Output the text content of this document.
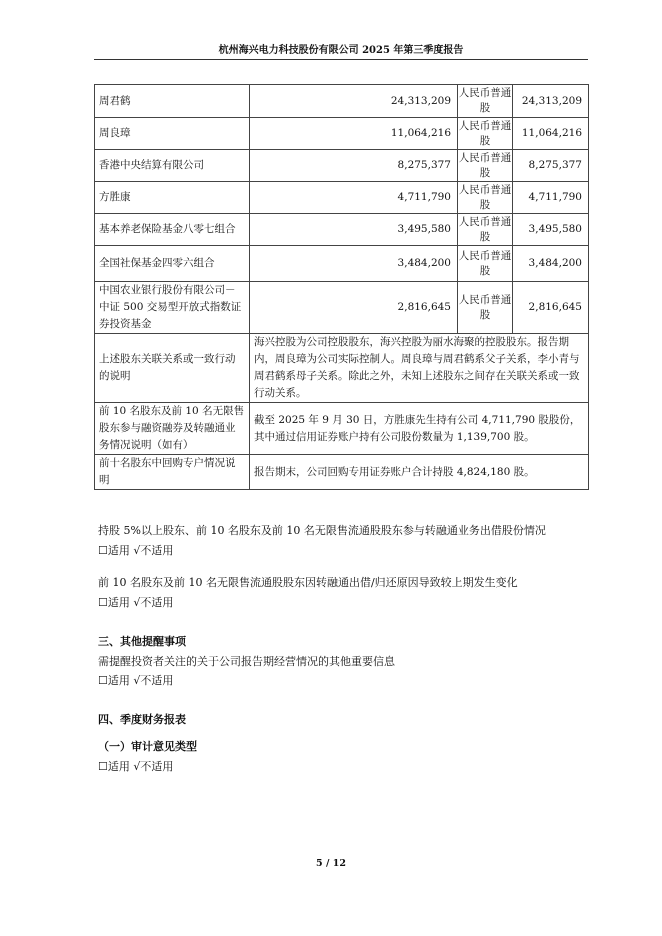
杭州海兴电力科技股份有限公司 2025 年第三季度报告
周君鹤	24,313,209	人民币普通股	24,313,209
周良璋	11,064,216	人民币普通股	11,064,216
香港中央结算有限公司	8,275,377	人民币普通股	8,275,377
方胜康	4,711,790	人民币普通股	4,711,790
基本养老保险基金八零七组合	3,495,580	人民币普通股	3,495,580
全国社保基金四零六组合	3,484,200	人民币普通股	3,484,200
中国农业银行股份有限公司－中证 500 交易型开放式指数证券投资基金	2,816,645	人民币普通股	2,816,645
上述股东关联关系或一致行动的说明	海兴控股为公司控股股东，海兴控股为丽水海聚的控股股东。报告期内，周良璋为公司实际控制人。周良璋与周君鹤系父子关系，李小青与周君鹤系母子关系。除此之外，未知上述股东之间存在关联关系或一致行动关系。		
前 10 名股东及前 10 名无限售股东参与融资融券及转融通业务情况说明（如有）	截至 2025 年 9 月 30 日，方胜康先生持有公司 4,711,790 股股份，其中通过信用证券账户持有公司股份数量为 1,139,700 股。		
前十名股东中回购专户情况说明	报告期末，公司回购专用证券账户合计持股 4,824,180 股。		
持股 5%以上股东、前 10 名股东及前 10 名无限售流通股股东参与转融通业务出借股份情况
☐适用 √不适用
前 10 名股东及前 10 名无限售流通股股东因转融通出借/归还原因导致较上期发生变化
☐适用 √不适用
三、其他提醒事项
需提醒投资者关注的关于公司报告期经营情况的其他重要信息
☐适用 √不适用
四、季度财务报表
（一）审计意见类型
☐适用 √不适用
5 / 12
